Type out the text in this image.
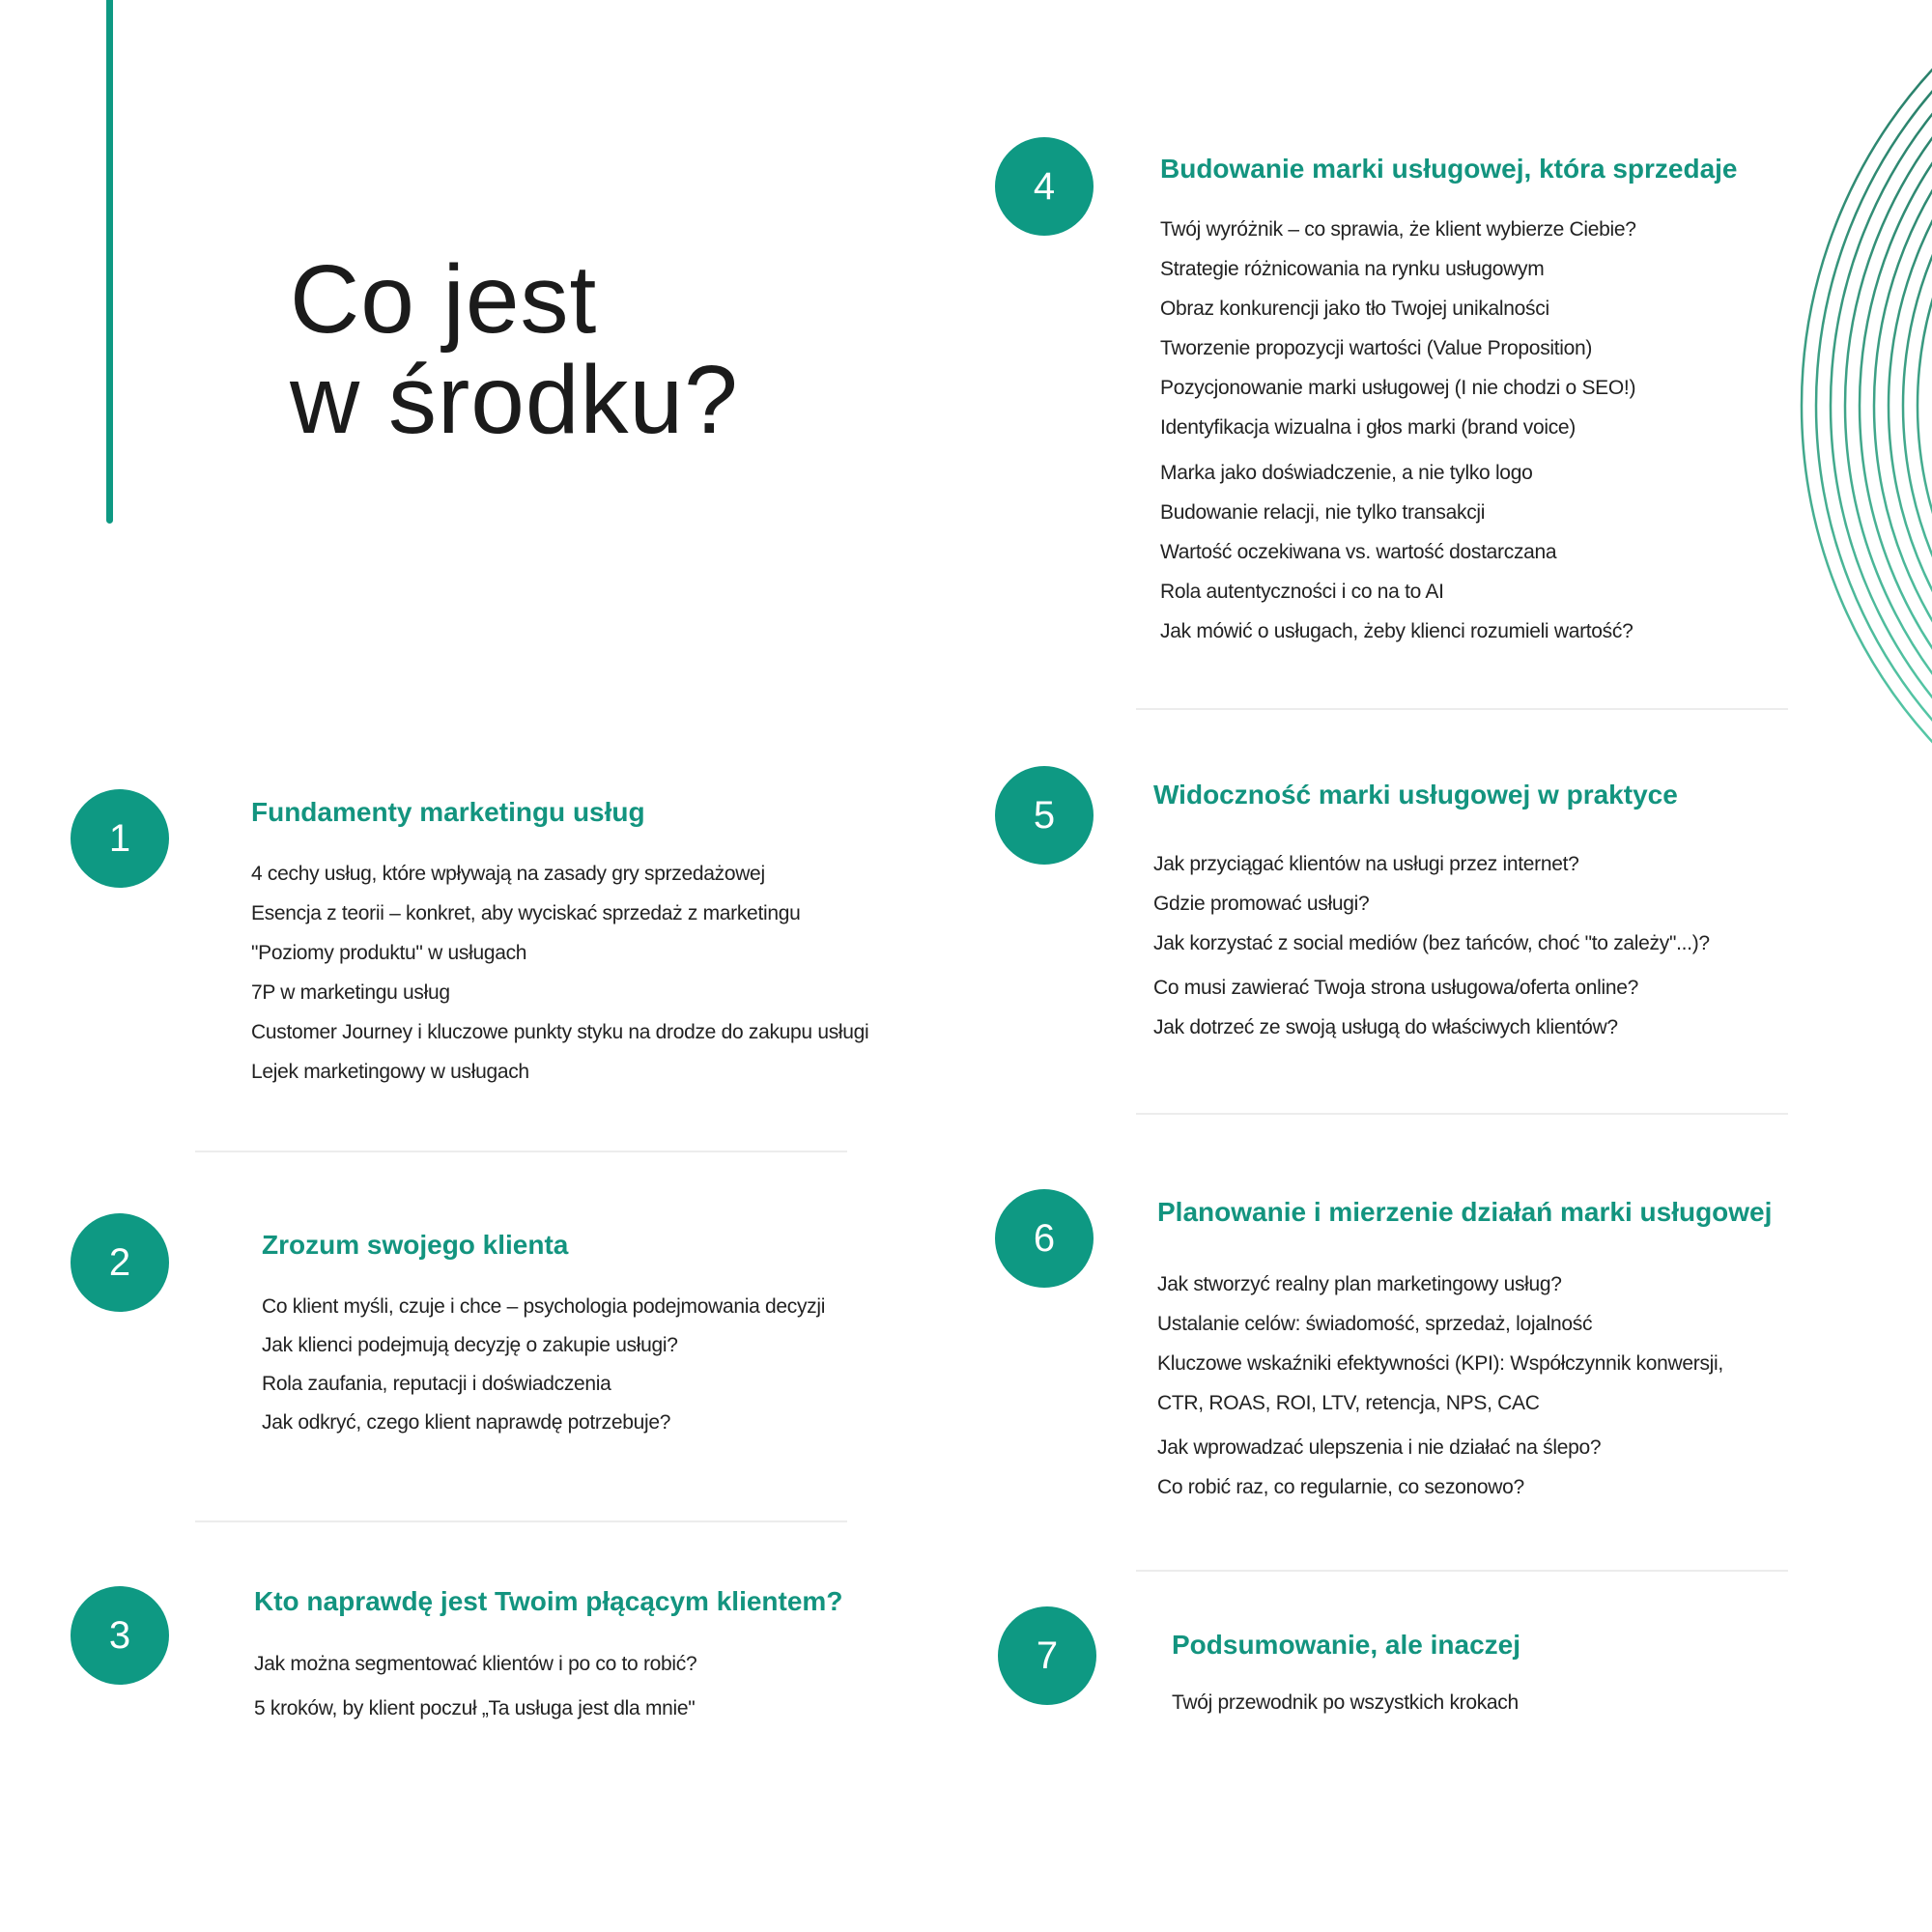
Co jest
w środku?
1
Fundamenty marketingu usług
4 cechy usług, które wpływają na zasady gry sprzedażowej
Esencja z teorii – konkret, aby wyciskać sprzedaż z marketingu
"Poziomy produktu" w usługach
7P w marketingu usług
Customer Journey i kluczowe punkty styku na drodze do zakupu usługi
Lejek marketingowy w usługach
2	Zrozum swojego klienta
Co klient myśli, czuje i chce – psychologia podejmowania decyzji
Jak klienci podejmują decyzję o zakupie usługi?
Rola zaufania, reputacji i doświadczenia
Jak odkryć, czego klient naprawdę potrzebuje?
3
Kto naprawdę jest Twoim płącącym klientem?
Jak można segmentować klientów i po co to robić?
5 kroków, by klient poczuł „Ta usługa jest dla mnie"
4	Budowanie marki usługowej, która sprzedaje
Twój wyróżnik – co sprawia, że klient wybierze Ciebie?
Strategie różnicowania na rynku usługowym
Obraz konkurencji jako tło Twojej unikalności
Tworzenie propozycji wartości (Value Proposition)
Pozycjonowanie marki usługowej (I nie chodzi o SEO!)
Identyfikacja wizualna i głos marki (brand voice)
Marka jako doświadczenie, a nie tylko logo
Budowanie relacji, nie tylko transakcji
Wartość oczekiwana vs. wartość dostarczana
Rola autentyczności i co na to AI
Jak mówić o usługach, żeby klienci rozumieli wartość?
5	Widoczność marki usługowej w praktyce
Jak przyciągać klientów na usługi przez internet?
Gdzie promować usługi?
Jak korzystać z social mediów (bez tańców, choć "to zależy"...)?
Co musi zawierać Twoja strona usługowa/oferta online?
Jak dotrzeć ze swoją usługą do właściwych klientów?
6
Planowanie i mierzenie działań marki usługowej
Jak stworzyć realny plan marketingowy usług?
Ustalanie celów: świadomość, sprzedaż, lojalność
Kluczowe wskaźniki efektywności (KPI): Współczynnik konwersji,
CTR, ROAS, ROI, LTV, retencja, NPS, CAC
Jak wprowadzać ulepszenia i nie działać na ślepo?
Co robić raz, co regularnie, co sezonowo?
7	Podsumowanie, ale inaczej
Twój przewodnik po wszystkich krokach
